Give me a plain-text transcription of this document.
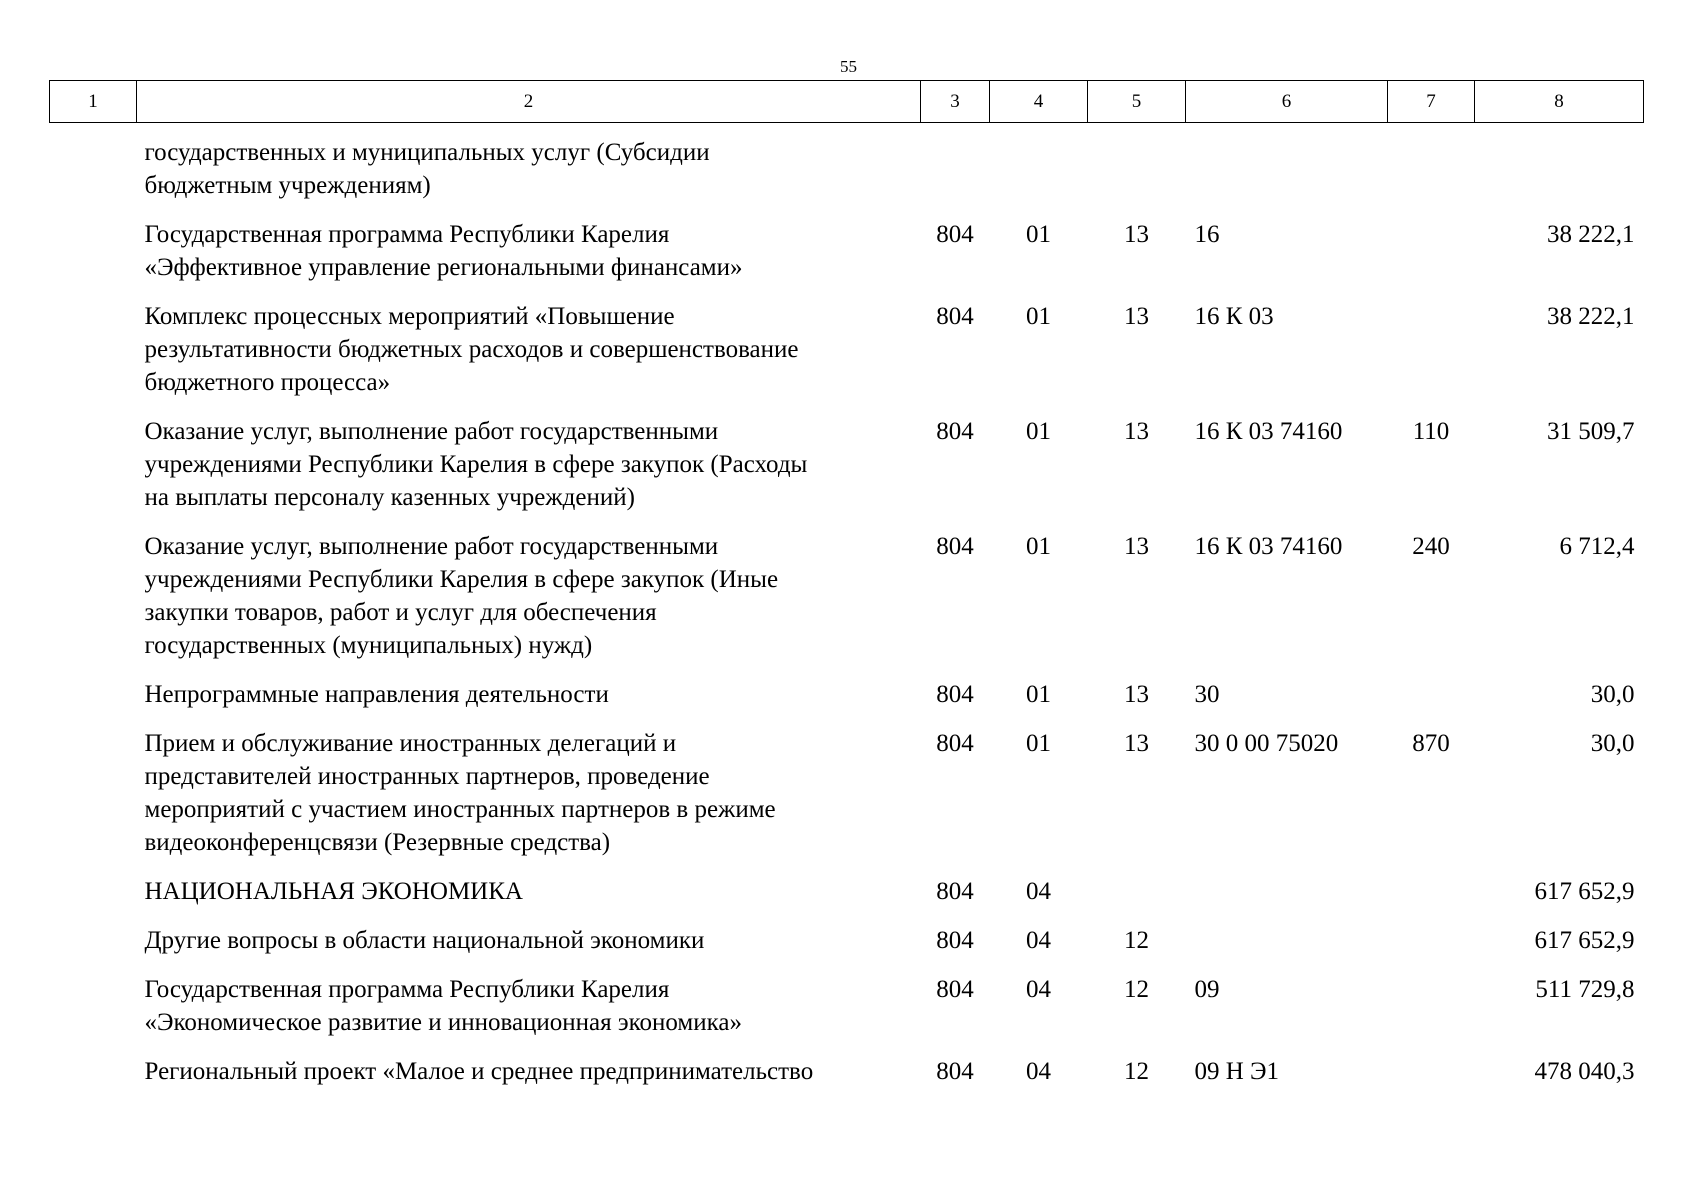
55
1	2	3	4	5	6	7	8
государственных и муниципальных услуг (Субсидии
бюджетным учреждениям)							
Государственная программа Республики Карелия
«Эффективное управление региональными финансами»		804	01	13	16		38 222,1
Комплекс процессных мероприятий «Повышение
результативности бюджетных расходов и совершенствование
бюджетного процесса»		804	01	13	16 К 03		38 222,1
Оказание услуг, выполнение работ государственными
учреждениями Республики Карелия в сфере закупок (Расходы
на выплаты персоналу казенных учреждений)		804	01	13	16 К 03 74160	110	31 509,7
Оказание услуг, выполнение работ государственными
учреждениями Республики Карелия в сфере закупок (Иные
закупки товаров, работ и услуг для обеспечения
государственных (муниципальных) нужд)		804	01	13	16 К 03 74160	240	6 712,4
Непрограммные направления деятельности		804	01	13	30		30,0
Прием и обслуживание иностранных делегаций и
представителей иностранных партнеров, проведение
мероприятий с участием иностранных партнеров в режиме
видеоконференцсвязи (Резервные средства)		804	01	13	30 0 00 75020	870	30,0
НАЦИОНАЛЬНАЯ ЭКОНОМИКА		804	04				617 652,9
Другие вопросы в области национальной экономики		804	04	12			617 652,9
Государственная программа Республики Карелия
«Экономическое развитие и инновационная экономика»		804	04	12	09		511 729,8
Региональный проект «Малое и среднее предпринимательство		804	04	12	09 Н Э1		478 040,3
